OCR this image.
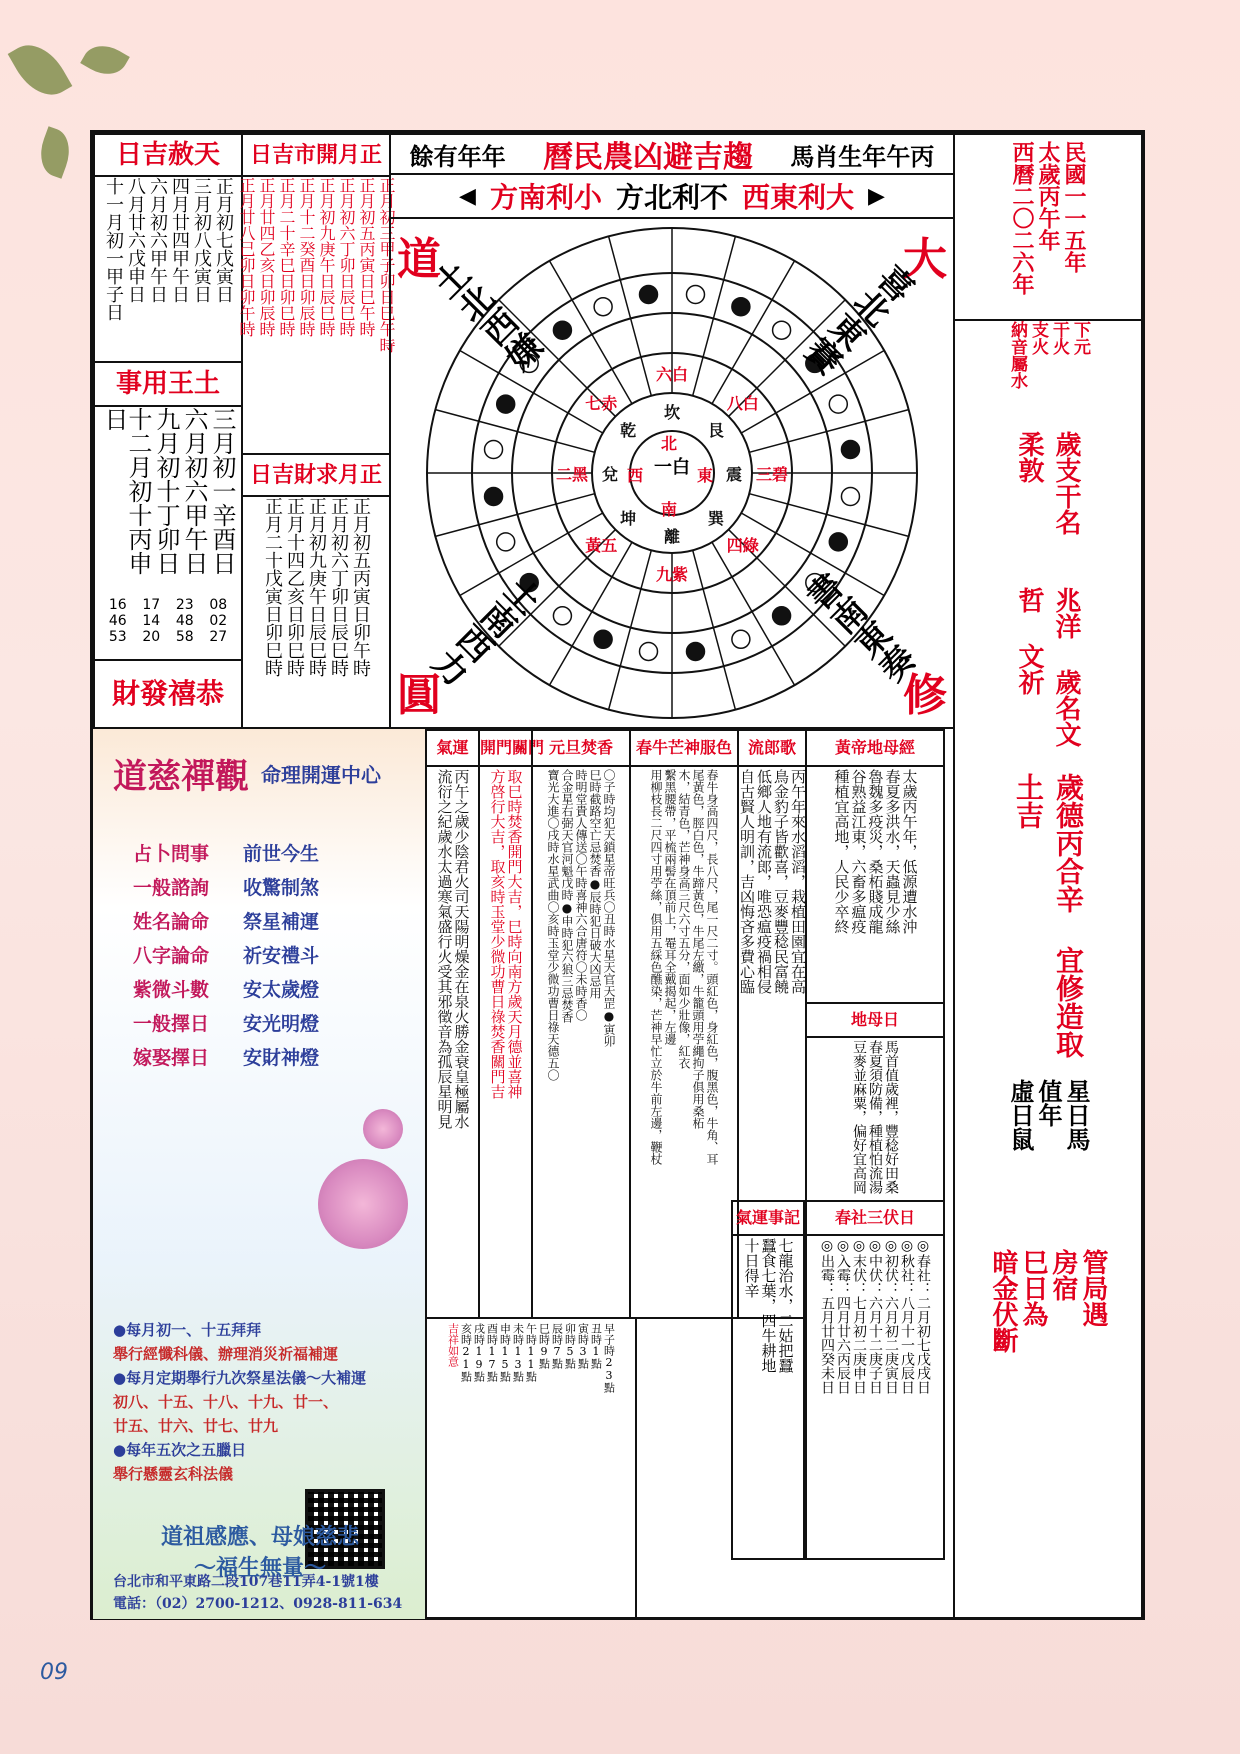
日吉赦天
正月初七戊寅日
三月初八戊寅日
四月廿四甲午日
六月初六甲午日
八月廿六戊申日
十一月初一甲子日
事用王土
三月初一辛酉日
六月初六甲午日
九月初十丁卯日
十二月初十丙申日
08
02
27
23
48
58
17
14
20
16
46
53
財發禧恭
日吉市開月正
正月初三甲子卯日巳午時
正月初五丙寅日巳午時
正月初六丁卯日辰巳時
正月初九庚午日辰巳時
正月十二癸酉日卯辰時
正月二十辛巳日卯巳時
正月廿四乙亥日卯辰時
正月廿八己卯日卯午時
日吉財求月正
正月初五丙寅日卯午時
正月初六丁卯日辰巳時
正月初九庚午日辰巳時
正月十四乙亥日卯巳時
正月二十戊寅日卯巳時
餘有年年 曆民農凶避吉趨 馬肖生年午丙
◀ 方南利小 方北利不 西東利大 ▶
一白
北
南
東
西
坎
艮
震
巽
離
坤
兌
乾
六白
八白
三碧
四綠
九紫
黃五
二黑
七赤
道
土北西嫌	大
喜北東賽
圓
土南西力
修
書南東奏
民國一一五年
太歲丙午年
西曆二〇二六年
下元
干火
支火
納音屬水
歲支干名 柔敦
兆洋 歲名文哲 文祈
歲德丙合辛 宜修造取土吉
星日馬
值年
虛日鼠
管局遇
房宿
巳日為
暗金伏斷
道慈禪觀 命理開運中心
占卜問事
一般諮詢
姓名論命
八字論命
紫微斗數
一般擇日
嫁娶擇日
前世今生
收驚制煞
祭星補運
祈安禮斗
安太歲燈
安光明燈
安財神燈
●每月初一、十五拜拜
舉行經懺科儀、辦理消災祈福補運
●每月定期舉行九次祭星法儀～大補運
初八、十五、十八、十九、廿一、
廿五、廿六、廿七、廿九
●每年五次之五臘日
舉行懸靈玄科法儀
台北市和平東路二段107巷11弄4-1號1樓
電話：（02）2700-1212、0928-811-634
氣運
丙午之歲少陰君火司天陽明燥金在泉火勝金衰皇極屬水
流衍之紀歲水太過寒氣盛行火受其邪徵音為孤辰星明見
開門關門
取巳時焚香開門大吉，巳時向南方歲天月德並喜神
方啓行大吉，取亥時玉堂少微功曹日祿焚香關門吉
元旦焚香
〇子時均犯天鎖星帝旺兵〇丑時水星天官天罡●寅卯
巳時截路空亡忌焚香●辰時犯日破大凶忌用
時明堂貴人傳送〇午時喜神六合唐符〇未時香〇
合金星右弼天官河魁戊時●申時犯六狼三忌焚香
寶光大進〇戌時水星武曲〇亥時玉堂少微功曹日祿天德五〇
春牛芒神服色
春牛身高四尺，長八尺，尾一尺二寸。頭紅色，身紅色，腹黑色，牛角、耳
尾黃色，脛白色，牛蹄黃色，牛尾左繳，牛籠頭用苧繩拘子俱用桑柘
木，結青色，芒神身高三尺六寸五分，面如少壯像，紅衣
繫黑腰帶，平梳兩髻在頂前上，罨耳全戴揭起，左邊
用柳枝長二尺四寸用苧絲，俱用五綵色醮染，芒神早忙立於牛前左邊，鞭杖
流郎歌
丙午年來水滔滔，栽植田園宜在高
鳥金豹子皆歡喜，豆麥豐稔民富饒
低鄉人地有流郎，唯恐瘟疫禍相侵
自古賢人明訓，吉凶悔吝多費心臨
黃帝地母經
太歲丙午年，低源遭水沖
春夏多洪水，天蟲見少絲
魯魏多疫災，桑柘賤成龍
谷熟益江東，六畜多瘟疫
種植宜高地，人民少卒終
地母日
馬首值歲裡，豐稔好田桑
春夏須防備，種植怕流湯
豆麥並麻粟，偏好宜高岡
春社三伏日
◎春社：二月初七戊戌日
◎秋社：八月十一戊辰日
◎初伏：六月初二庚寅日
◎中伏：六月十二庚子日
◎末伏：七月初二庚申日
◎入霉：四月廿六丙辰日
◎出霉：五月廿四癸未日
氣運事記
七龍治水，二姑把蠶
蠶食七葉，四牛耕地
十日得辛
早子時23點
丑時1點
寅時3點
卯時5點
辰時7點
巳時9點
午時11點
未時13點
申時15點
酉時17點
戌時19點
亥時21點
吉祥如意
道祖感應、母娘慈悲
～福生無量～
09
